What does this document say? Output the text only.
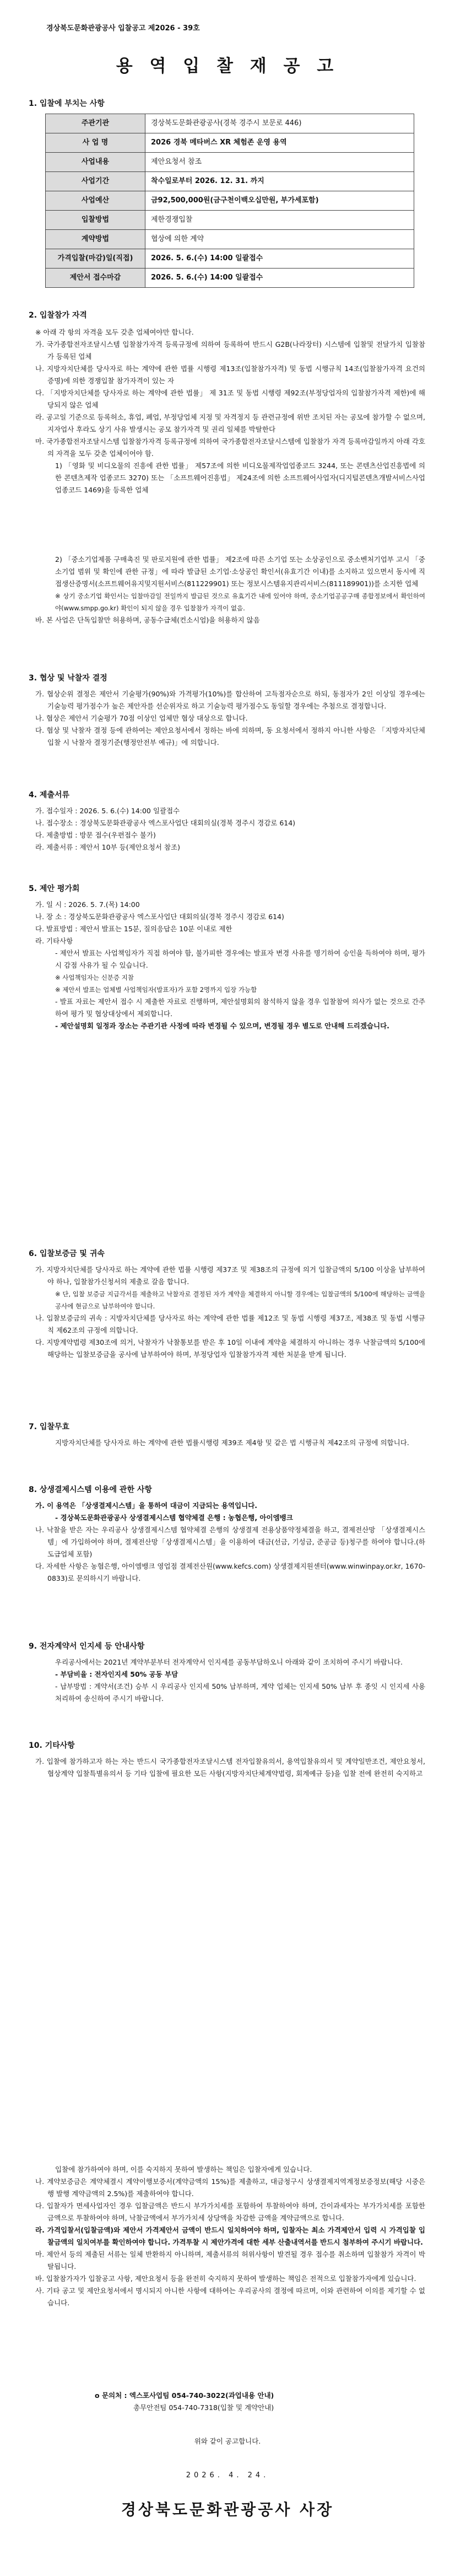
경상북도문화관광공사 입찰공고 제2026 - 39호
용 역 입 찰 재 공 고
1. 입찰에 부치는 사항
주관기관	경상북도문화관광공사(경북 경주시 보문로 446)
사 업 명	2026 경북 메타버스 XR 체험존 운영 용역
사업내용	제안요청서 참조
사업기간	착수일로부터 2026. 12. 31. 까지
사업예산	금92,500,000원(금구천이백오십만원, 부가세포함)
입찰방법	제한경쟁입찰
계약방법	협상에 의한 계약
가격입찰(마감)일(직접)	2026. 5. 6.(수) 14:00 일괄접수
제안서 접수마감	2026. 5. 6.(수) 14:00 일괄접수
2. 입찰참가 자격

※ 아래 각 항의 자격을 모두 갖춘 업체여야만 합니다.

가. 국가종합전자조달시스템 입찰참가자격 등록규정에 의하여 등록하여 반드시 G2B(나라장터) 시스템에 입찰및 전달가치 입찰참가 등록된 업체

나. 지방자치단체를 당사자로 하는 계약에 관한 법률 시행령 제13조(입찰참가자격) 및 동법 시행규칙 14조(입찰참가자격 요건의 증명)에 의한 경쟁입찰 참가자격이 있는 자

다. 「지방자치단체를 당사자로 하는 계약에 관한 법률」 제 31조 및 동법 시행령 제92조(부정당업자의 입찰참가자격 제한)에 해당되지 않은 업체

라. 공고일 기준으로 등록허소, 휴업, 폐업, 부정당업체 지정 및 자격정지 등 관련규정에 위반 조치된 자는 공모에 참가할 수 없으며, 지자업사 후라도 상기 사유 발생시는 공모 참가자격 및 권리 일체를 박탈한다

마. 국가종합전자조달시스템 입찰참가자격 등록규정에 의하여 국가종합전자조달시스템에 입찰참가 자격 등록마감일까지 아래 각호의 자격을 모두 갖춘 업체이어야 함.

1) 「영화 및 비디오물의 진흥에 관한 법률」 제57조에 의한 비디오물제작업업종코드 3244, 또는 콘텐츠산업진흥법에 의한 콘텐츠제작 업종코드 3270) 또는 「소프트웨어진흥법」 제24조에 의한 소프트웨어사업자(디지털콘텐츠개발서비스사업업종코드 1469)을 등록한 업체

2) 「중소기업제품 구매촉진 및 판로지원에 관한 법률」 제2조에 따른 소기업 또는 소상공인으로 중소벤처기업부 고시 「중소기업 범위 및 확인에 관한 규정」에 따라 발급된 소기업·소상공인 확인서(유효기간 이내)를 소지하고 있으면서 동시에 직접생산증명서(소프트웨어유지및지원서비스(811229901) 또는 정보시스템유지관리서비스(811189901))를 소지한 업체

※ 상기 중소기업 확인서는 입찰마감일 전일까지 발급된 것으로 유효기간 내에 있어야 하며, 중소기업공공구매 종합정보에서 확인하여야(www.smpp.go.kr) 확인이 되지 않을 경우 입찰참가 자격이 없음.

바. 본 사업은 단독입찰만 허용하며, 공동수급체(컨소시엄)을 허용하지 않음

3. 협상 및 낙찰자 결정

가. 협상순위 결정은 제안서 기술평가(90%)와 가격평가(10%)를 합산하여 고득점자순으로 하되, 동점자가 2인 이상일 경우에는 기술능력 평가점수가 높은 제안자를 선순위자로 하고 기술능력 평가점수도 동일할 경우에는 추첨으로 결정합니다.

나. 협상은 제안서 기술평가 70점 이상인 업체만 협상 대상으로 합니다.

다. 협상 및 낙찰자 결정 등에 관하여는 제안요청서에서 정하는 바에 의하며, 동 요청서에서 정하지 아니한 사항은 「지방자치단체 입찰 시 낙찰자 결정기준(행정안전부 예규)」에 의합니다.

4. 제출서류

가. 접수일자 : 2026. 5. 6.(수) 14:00 일괄접수

나. 접수장소 : 경상북도문화관광공사 엑스포사업단 대회의실(경북 경주시 경감로 614)

다. 제출방법 : 방문 접수(우편접수 불가)

라. 제출서류 : 제안서 10부 등(제안요청서 참조)

5. 제안 평가회

가. 일 시 : 2026. 5. 7.(목) 14:00

나. 장 소 : 경상북도문화관광공사 엑스포사업단 대회의실(경북 경주시 경감로 614)

다. 발표방법 : 제안서 발표는 15분, 질의응답은 10분 이내로 제한

라. 기타사항

- 제안서 발표는 사업책임자가 직접 하여야 함, 불가피한 경우에는 발표자 변경 사유를 명기하여 승인을 득하여야 하며, 평가 시 감점 사유가 될 수 있습니다.

※ 사업책임자는 신분증 지참

※ 제안서 발표는 업체별 사업책임자(발표자)가 포함 2명까지 입장 가능함

- 발표 자료는 제안서 접수 시 제출한 자료로 진행하며, 제안설명회의 참석하지 않을 경우 입찰참여 의사가 없는 것으로 간주하여 평가 및 협상대상에서 제외합니다.

- 제안설명회 일정과 장소는 주관기관 사정에 따라 변경될 수 있으며, 변경될 경우 별도로 안내해 드리겠습니다.

6. 입찰보증금 및 귀속

가. 지방자치단체를 당사자로 하는 계약에 관한 법률 시행령 제37조 및 제38조의 규정에 의거 입찰금액의 5/100 이상을 납부하여야 하나, 입찰참가신청서의 제출로 갈음 합니다.

※ 단, 입찰 보증금 지급각서를 제출하고 낙찰자로 결정된 자가 계약을 체결하지 아니할 경우에는 입찰금액의 5/100에 해당하는 금액을 공사에 현금으로 납부하여야 합니다.

나. 입찰보증금의 귀속 : 지방자치단체를 당사자로 하는 계약에 관한 법률 제12조 및 동법 시행령 제37조, 제38조 및 동법 시행규칙 제62조의 규정에 의합니다.

다. 지방계약법령 제30조에 의거, 낙찰자가 낙찰통보를 받은 후 10일 이내에 계약을 체결하지 아니하는 경우 낙찰금액의 5/100에 해당하는 입찰보증금을 공사에 납부하여야 하며, 부정당업자 입찰참가자격 제한 처분을 받게 됩니다.

7. 입찰무효

지방자치단체를 당사자로 하는 계약에 관한 법률시행령 제39조 제4항 및 같은 법 시행규칙 제42조의 규정에 의합니다.

8. 상생결제시스템 이용에 관한 사항

가. 이 용역은 「상생결제시스템」을 통하여 대금이 지급되는 용역입니다.

- 경상북도문화관광공사 상생결제시스템 협약체결 은행 : 농협은행, 아이엠뱅크

나. 낙찰을 받은 자는 우리공사 상생결제시스템 협약체결 은행의 상생결제 전용상품약정체결을 하고, 결제전산망 「상생결제시스템」에 가입하여야 하며, 결제전산망「상생결제시스템」을 이용하여 대금(선금, 기성금, 준공금 등)청구를 하여야 합니다.(하도급업체 포함)

다. 자세한 사항은 농협은행, 아이엠뱅크 영업점 결제전산원(www.kefcs.com) 상생결제지원센터(www.winwinpay.or.kr, 1670-0833)로 문의하시기 바랍니다.

9. 전자계약서 인지세 등 안내사항

우리공사에서는 2021년 계약부분부터 전자계약서 인지세를 공동부담하오니 아래와 같이 조치하여 주시기 바랍니다.

- 부담비율 : 전자인지세 50% 공동 부담

- 납부방법 : 계약서(조건) 승부 시 우리공사 인지세 50% 납부하며, 계약 업체는 인지세 50% 납부 후 종잇 시 인지세 사용 처리하여 송신하여 주시기 바랍니다.

10. 기타사항

가. 입찰에 참가하고자 하는 자는 반드시 국가종합전자조달시스템 전자입찰유의서, 용역입찰유의서 및 계약일반조건, 제안요청서, 협상계약 입찰특별유의서 등 기타 입찰에 필요한 모든 사항(지방자치단체계약법령, 회계예규 등)을 입찰 전에 완전히 숙지하고

입찰에 참가하여야 하며, 이를 숙지하지 못하여 발생하는 책임은 입찰자에게 있습니다.

나. 계약보증금은 계약체결시 계약이행보증서(계약금액의 15%)를 제출하고, 대금청구시 상생결제지역계정보증정보(해당 시중은행 발행 계약금액의 2.5%)를 제출하여야 합니다.

다. 입찰자가 면세사업자인 경우 입찰금액은 반드시 부가가치세를 포함하여 투찰하여야 하며, 간이과세자는 부가가치세를 포함한 금액으로 투찰하여야 하며, 낙찰금액에서 부가가치세 상당액을 차감한 금액을 계약금액으로 합니다.

라. 가격입찰서(입찰금액)와 제안서 가격제안서 금액이 반드시 일치하여야 하며, 입찰자는 최소 가격제안서 입력 시 가격입찰 입찰금액의 일치여부를 확인하여야 합니다. 가격투찰 시 제안가격에 대한 세부 산출내역서를 반드시 첨부하여 주시기 바랍니다.

마. 제안서 등의 제출된 서류는 일체 반환하지 아니하며, 제출서류의 허위사항이 발견될 경우 접수를 취소하며 입찰참가 자격이 박탈됩니다.

바. 입찰참가자가 입찰공고 사항, 제안요청서 등을 완전히 숙지하지 못하여 발생하는 책임은 전적으로 입찰참가자에게 있습니다.

사. 기타 공고 및 제안요청서에서 명시되지 아니한 사항에 대하여는 우리공사의 결정에 따르며, 이와 관련하여 이의를 제기할 수 없습니다.

o 문의처 : 엑스포사업팀 054-740-3022(과업내용 안내)
총무안전팀 054-740-7318(입찰 및 계약안내)
위와 같이 공고합니다.
2026. 4. 24.
경상북도문화관광공사 사장
